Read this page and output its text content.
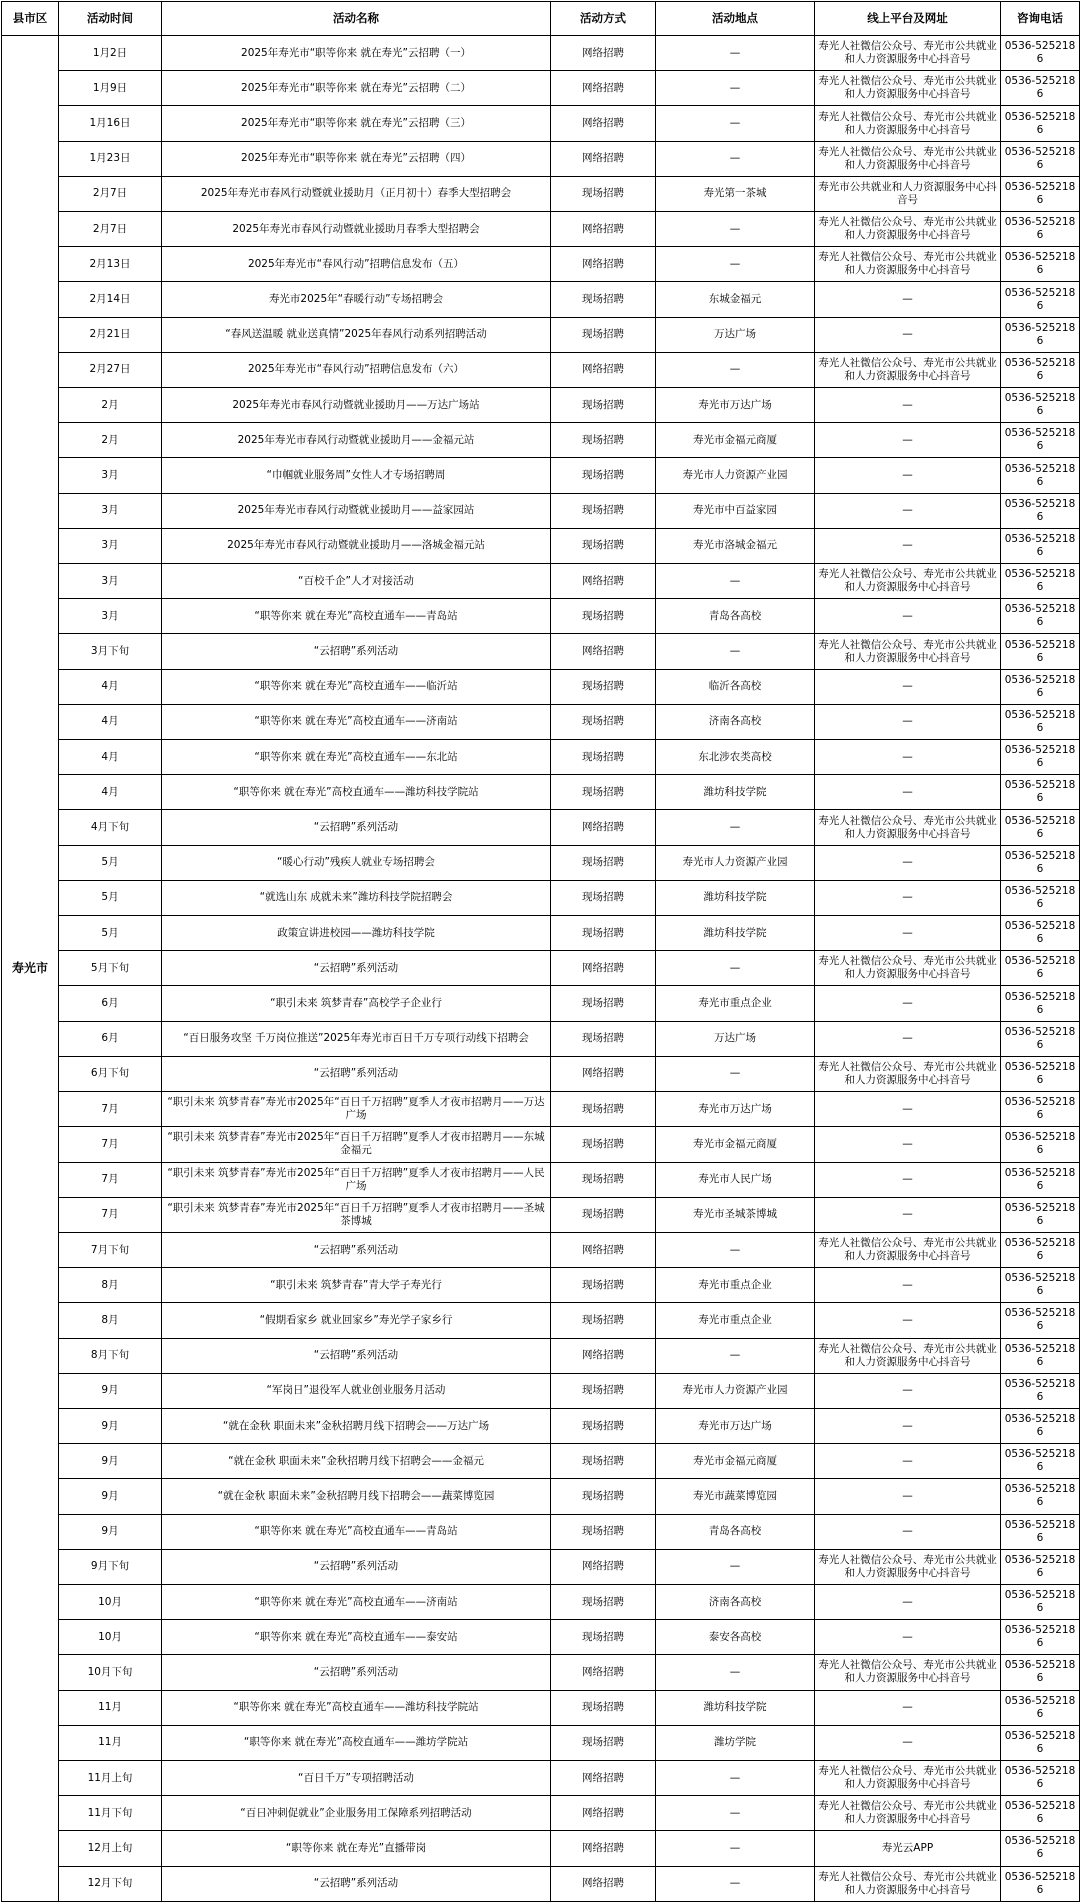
县市区	活动时间	活动名称	活动方式	活动地点	线上平台及网址	咨询电话
寿光市	1月2日	2025年寿光市“职等你来 就在寿光”云招聘（一）	网络招聘	—	寿光人社微信公众号、寿光市公共就业和人力资源服务中心抖音号	0536-5252186
	1月9日	2025年寿光市“职等你来 就在寿光”云招聘（二）	网络招聘	—	寿光人社微信公众号、寿光市公共就业和人力资源服务中心抖音号	0536-5252186
	1月16日	2025年寿光市“职等你来 就在寿光”云招聘（三）	网络招聘	—	寿光人社微信公众号、寿光市公共就业和人力资源服务中心抖音号	0536-5252186
	1月23日	2025年寿光市“职等你来 就在寿光”云招聘（四）	网络招聘	—	寿光人社微信公众号、寿光市公共就业和人力资源服务中心抖音号	0536-5252186
	2月7日	2025年寿光市春风行动暨就业援助月（正月初十）春季大型招聘会	现场招聘	寿光第一茶城	寿光市公共就业和人力资源服务中心抖音号	0536-5252186
	2月7日	2025年寿光市春风行动暨就业援助月春季大型招聘会	网络招聘	—	寿光人社微信公众号、寿光市公共就业和人力资源服务中心抖音号	0536-5252186
	2月13日	2025年寿光市“春风行动”招聘信息发布（五）	网络招聘	—	寿光人社微信公众号、寿光市公共就业和人力资源服务中心抖音号	0536-5252186
	2月14日	寿光市2025年“春暖行动”专场招聘会	现场招聘	东城金福元	—	0536-5252186
	2月21日	“春风送温暖 就业送真情”2025年春风行动系列招聘活动	现场招聘	万达广场	—	0536-5252186
	2月27日	2025年寿光市“春风行动”招聘信息发布（六）	网络招聘	—	寿光人社微信公众号、寿光市公共就业和人力资源服务中心抖音号	0536-5252186
	2月	2025年寿光市春风行动暨就业援助月——万达广场站	现场招聘	寿光市万达广场	—	0536-5252186
	2月	2025年寿光市春风行动暨就业援助月——金福元站	现场招聘	寿光市金福元商厦	—	0536-5252186
	3月	“巾帼就业服务周”女性人才专场招聘周	现场招聘	寿光市人力资源产业园	—	0536-5252186
	3月	2025年寿光市春风行动暨就业援助月——益家园站	现场招聘	寿光市中百益家园	—	0536-5252186
	3月	2025年寿光市春风行动暨就业援助月——洛城金福元站	现场招聘	寿光市洛城金福元	—	0536-5252186
	3月	“百校千企”人才对接活动	网络招聘	—	寿光人社微信公众号、寿光市公共就业和人力资源服务中心抖音号	0536-5252186
	3月	“职等你来 就在寿光”高校直通车——青岛站	现场招聘	青岛各高校	—	0536-5252186
	3月下旬	“云招聘”系列活动	网络招聘	—	寿光人社微信公众号、寿光市公共就业和人力资源服务中心抖音号	0536-5252186
	4月	“职等你来 就在寿光”高校直通车——临沂站	现场招聘	临沂各高校	—	0536-5252186
	4月	“职等你来 就在寿光”高校直通车——济南站	现场招聘	济南各高校	—	0536-5252186
	4月	“职等你来 就在寿光”高校直通车——东北站	现场招聘	东北涉农类高校	—	0536-5252186
	4月	“职等你来 就在寿光”高校直通车——潍坊科技学院站	现场招聘	潍坊科技学院	—	0536-5252186
	4月下旬	“云招聘”系列活动	网络招聘	—	寿光人社微信公众号、寿光市公共就业和人力资源服务中心抖音号	0536-5252186
	5月	“暖心行动”残疾人就业专场招聘会	现场招聘	寿光市人力资源产业园	—	0536-5252186
	5月	“就选山东 成就未来”潍坊科技学院招聘会	现场招聘	潍坊科技学院	—	0536-5252186
	5月	政策宣讲进校园——潍坊科技学院	现场招聘	潍坊科技学院	—	0536-5252186
	5月下旬	“云招聘”系列活动	网络招聘	—	寿光人社微信公众号、寿光市公共就业和人力资源服务中心抖音号	0536-5252186
	6月	“职引未来 筑梦青春”高校学子企业行	现场招聘	寿光市重点企业	—	0536-5252186
	6月	“百日服务攻坚 千万岗位推送”2025年寿光市百日千万专项行动线下招聘会	现场招聘	万达广场	—	0536-5252186
	6月下旬	“云招聘”系列活动	网络招聘	—	寿光人社微信公众号、寿光市公共就业和人力资源服务中心抖音号	0536-5252186
	7月	“职引未来 筑梦青春”寿光市2025年“百日千万招聘”夏季人才夜市招聘月——万达广场	现场招聘	寿光市万达广场	—	0536-5252186
	7月	“职引未来 筑梦青春”寿光市2025年“百日千万招聘”夏季人才夜市招聘月——东城金福元	现场招聘	寿光市金福元商厦	—	0536-5252186
	7月	“职引未来 筑梦青春”寿光市2025年“百日千万招聘”夏季人才夜市招聘月——人民广场	现场招聘	寿光市人民广场	—	0536-5252186
	7月	“职引未来 筑梦青春”寿光市2025年“百日千万招聘”夏季人才夜市招聘月——圣城茶博城	现场招聘	寿光市圣城茶博城	—	0536-5252186
	7月下旬	“云招聘”系列活动	网络招聘	—	寿光人社微信公众号、寿光市公共就业和人力资源服务中心抖音号	0536-5252186
	8月	“职引未来 筑梦青春”青大学子寿光行	现场招聘	寿光市重点企业	—	0536-5252186
	8月	“假期看家乡 就业回家乡”寿光学子家乡行	现场招聘	寿光市重点企业	—	0536-5252186
	8月下旬	“云招聘”系列活动	网络招聘	—	寿光人社微信公众号、寿光市公共就业和人力资源服务中心抖音号	0536-5252186
	9月	“军岗日”退役军人就业创业服务月活动	现场招聘	寿光市人力资源产业园	—	0536-5252186
	9月	“就在金秋 职面未来”金秋招聘月线下招聘会——万达广场	现场招聘	寿光市万达广场	—	0536-5252186
	9月	“就在金秋 职面未来”金秋招聘月线下招聘会——金福元	现场招聘	寿光市金福元商厦	—	0536-5252186
	9月	“就在金秋 职面未来”金秋招聘月线下招聘会——蔬菜博览园	现场招聘	寿光市蔬菜博览园	—	0536-5252186
	9月	“职等你来 就在寿光”高校直通车——青岛站	现场招聘	青岛各高校	—	0536-5252186
	9月下旬	“云招聘”系列活动	网络招聘	—	寿光人社微信公众号、寿光市公共就业和人力资源服务中心抖音号	0536-5252186
	10月	“职等你来 就在寿光”高校直通车——济南站	现场招聘	济南各高校	—	0536-5252186
	10月	“职等你来 就在寿光”高校直通车——泰安站	现场招聘	泰安各高校	—	0536-5252186
	10月下旬	“云招聘”系列活动	网络招聘	—	寿光人社微信公众号、寿光市公共就业和人力资源服务中心抖音号	0536-5252186
	11月	“职等你来 就在寿光”高校直通车——潍坊科技学院站	现场招聘	潍坊科技学院	—	0536-5252186
	11月	“职等你来 就在寿光”高校直通车——潍坊学院站	现场招聘	潍坊学院	—	0536-5252186
	11月上旬	“百日千万”专项招聘活动	网络招聘	—	寿光人社微信公众号、寿光市公共就业和人力资源服务中心抖音号	0536-5252186
	11月下旬	“百日冲刺促就业”企业服务用工保障系列招聘活动	网络招聘	—	寿光人社微信公众号、寿光市公共就业和人力资源服务中心抖音号	0536-5252186
	12月上旬	“职等你来 就在寿光”直播带岗	网络招聘	—	寿光云APP	0536-5252186
	12月下旬	“云招聘”系列活动	网络招聘	—	寿光人社微信公众号、寿光市公共就业和人力资源服务中心抖音号	0536-5252186
